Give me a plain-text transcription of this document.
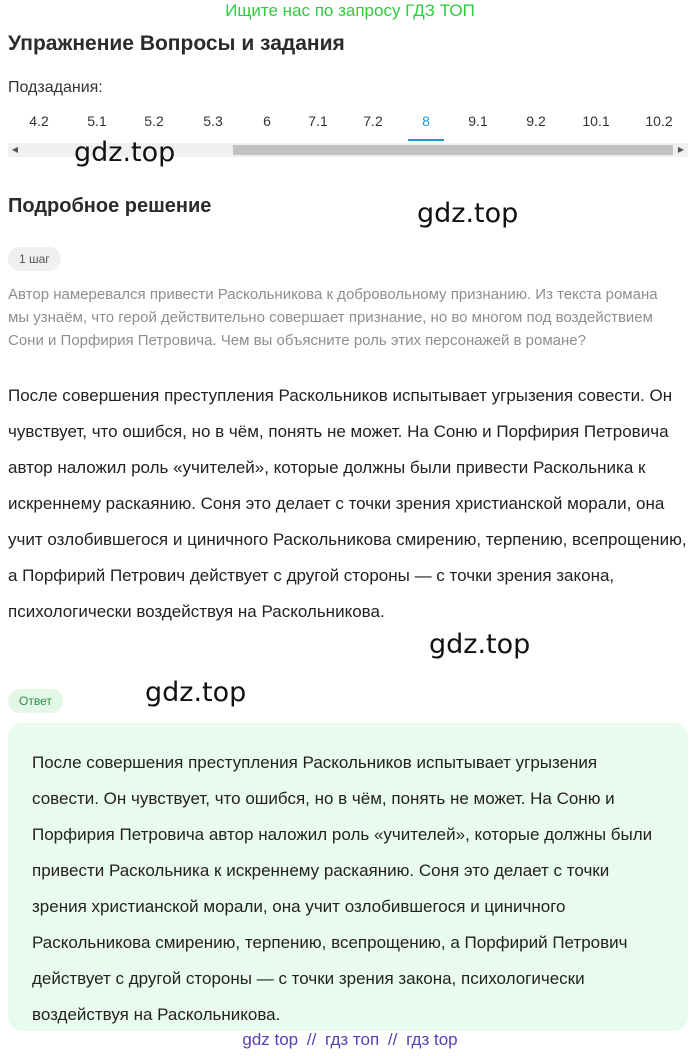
Ищите нас по запросу ГДЗ ТОП
Упражнение Вопросы и задания
Подзадания:
4.2	5.1	5.2	5.3	6	7.1	7.2	8	9.1	9.2	10.1	10.2
◀	▶
gdz.top
Подробное решение	gdz.top
1 шаг

Автор намеревался привести Раскольникова к добровольному признанию. Из текста романа мы узнаём, что герой действительно совершает признание, но во многом под воздействием Сони и Порфирия Петровича. Чем вы объясните роль этих персонажей в романе?

После совершения преступления Раскольников испытывает угрызения совести. Он чувствует, что ошибся, но в чём, понять не может. На Соню и Порфирия Петровича автор наложил роль «учителей», которые должны были привести Раскольника к искреннему раскаянию. Соня это делает с точки зрения христианской морали, она учит озлобившегося и циничного Раскольникова смирению, терпению, всепрощению, а Порфирий Петрович действует с другой стороны — с точки зрения закона, психологически воздействуя на Раскольникова.

gdz.top
Ответ	gdz.top

После совершения преступления Раскольников испытывает угрызения совести. Он чувствует, что ошибся, но в чём, понять не может. На Соню и Порфирия Петровича автор наложил роль «учителей», которые должны были привести Раскольника к искреннему раскаянию. Соня это делает с точки зрения христианской морали, она учит озлобившегося и циничного Раскольникова смирению, терпению, всепрощению, а Порфирий Петрович действует с другой стороны — с точки зрения закона, психологически воздействуя на Раскольникова.

gdz top // гдз топ // гдз top
